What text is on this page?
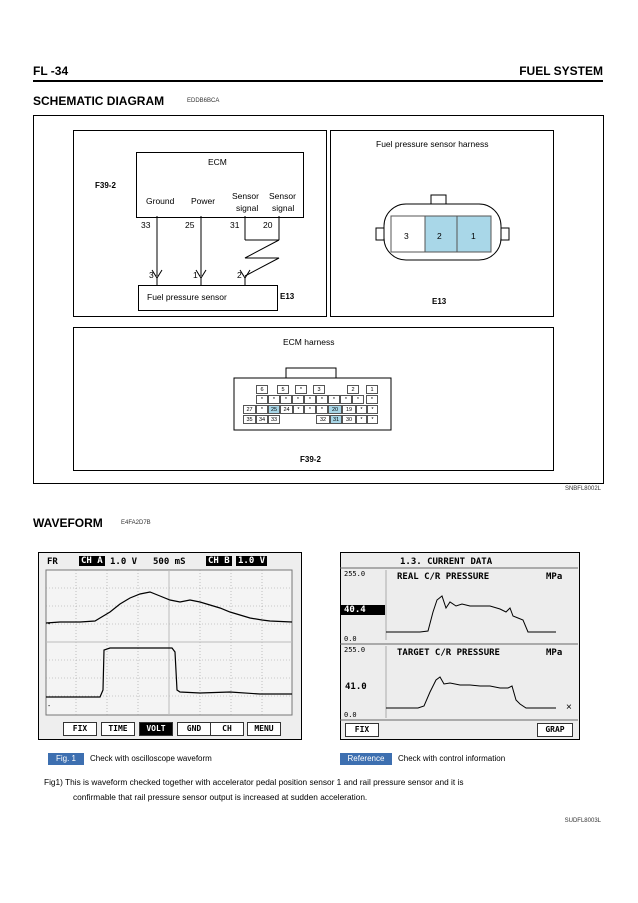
FL -34	FUEL SYSTEM
SCHEMATIC DIAGRAM	EDDB6BCA
ECM
F39-2
Ground Power Sensor
signal
Sensor
signal
33	25	31	20
Fuel pressure sensor	E13
3	1	2
Fuel pressure sensor harness
3	2	1
E13
ECM harness
F39-2
6	5	*	3	2	1
*	*	*	*	*	*	*	*	*	*
27	*	25	24	*	*	*	20	19	*	*
35	34	33	32	31	30	*	*
SNBFL8002L
WAVEFORM	E4FA2D7B
FR	CH A 1.0 V 500 mS CH B 1.0 V
-
-
FIX	TIME	VOLT	GND	CH	MENU
1.3. CURRENT DATA
255.0	REAL C/R PRESSURE	MPa
40.4
0.0
255.0	TARGET C/R PRESSURE	MPa
41.0
0.0
×
FIX	GRAP
Fig. 1	Check with oscilloscope waveform	Reference	Check with control information
Fig1) This is waveform checked together with accelerator pedal position sensor 1 and rail pressure sensor and it is
confirmable that rail pressure sensor output is increased at sudden acceleration.
SUDFL8003L
